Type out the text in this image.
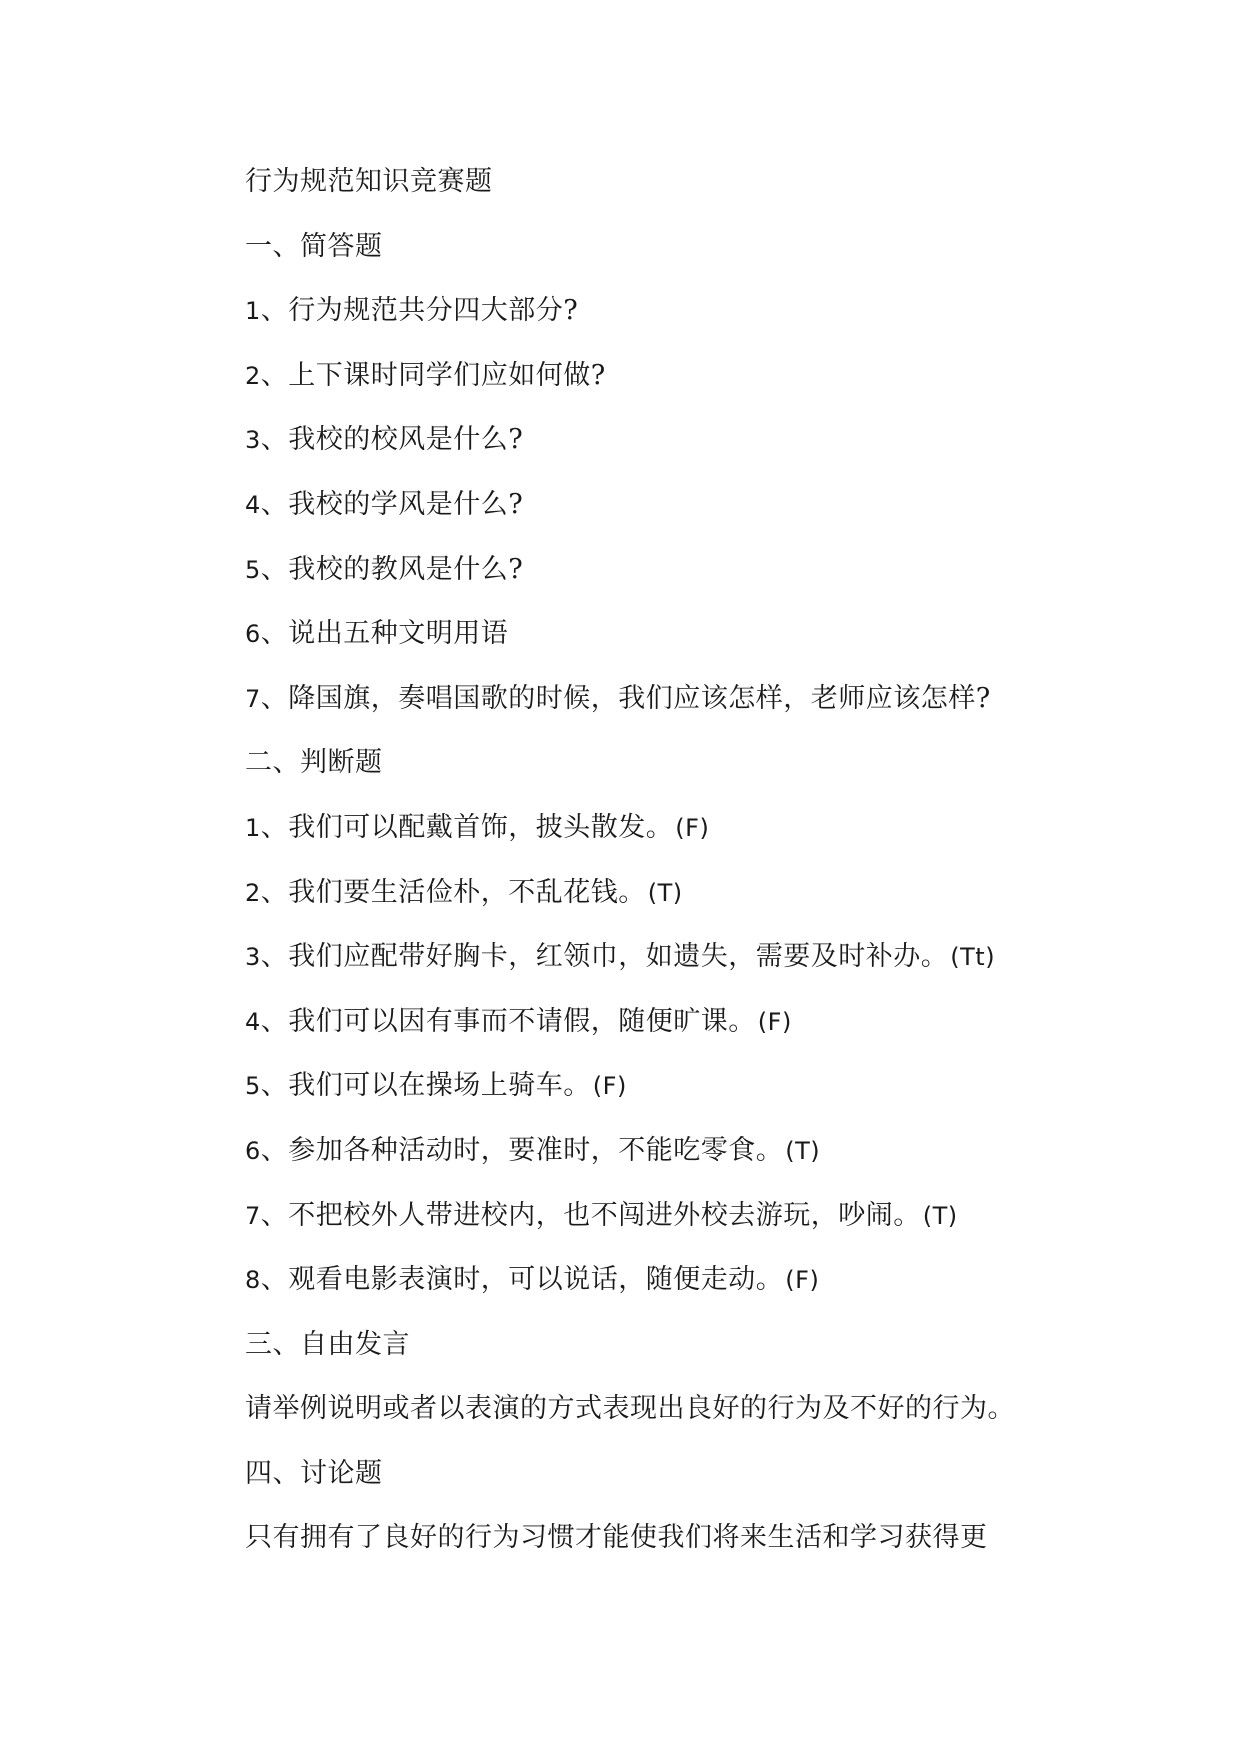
行为规范知识竞赛题
一、简答题
1、行为规范共分四大部分?
2、上下课时同学们应如何做?
3、我校的校风是什么?
4、我校的学风是什么?
5、我校的教风是什么?
6、说出五种文明用语
7、降国旗，奏唱国歌的时候，我们应该怎样，老师应该怎样?
二、判断题
1、我们可以配戴首饰，披头散发。(F)
2、我们要生活俭朴，不乱花钱。(T)
3、我们应配带好胸卡，红领巾，如遗失，需要及时补办。(Tt)
4、我们可以因有事而不请假，随便旷课。(F)
5、我们可以在操场上骑车。(F)
6、参加各种活动时，要准时，不能吃零食。(T)
7、不把校外人带进校内，也不闯进外校去游玩，吵闹。(T)
8、观看电影表演时，可以说话，随便走动。(F)
三、自由发言
请举例说明或者以表演的方式表现出良好的行为及不好的行为。
四、讨论题
只有拥有了良好的行为习惯才能使我们将来生活和学习获得更
